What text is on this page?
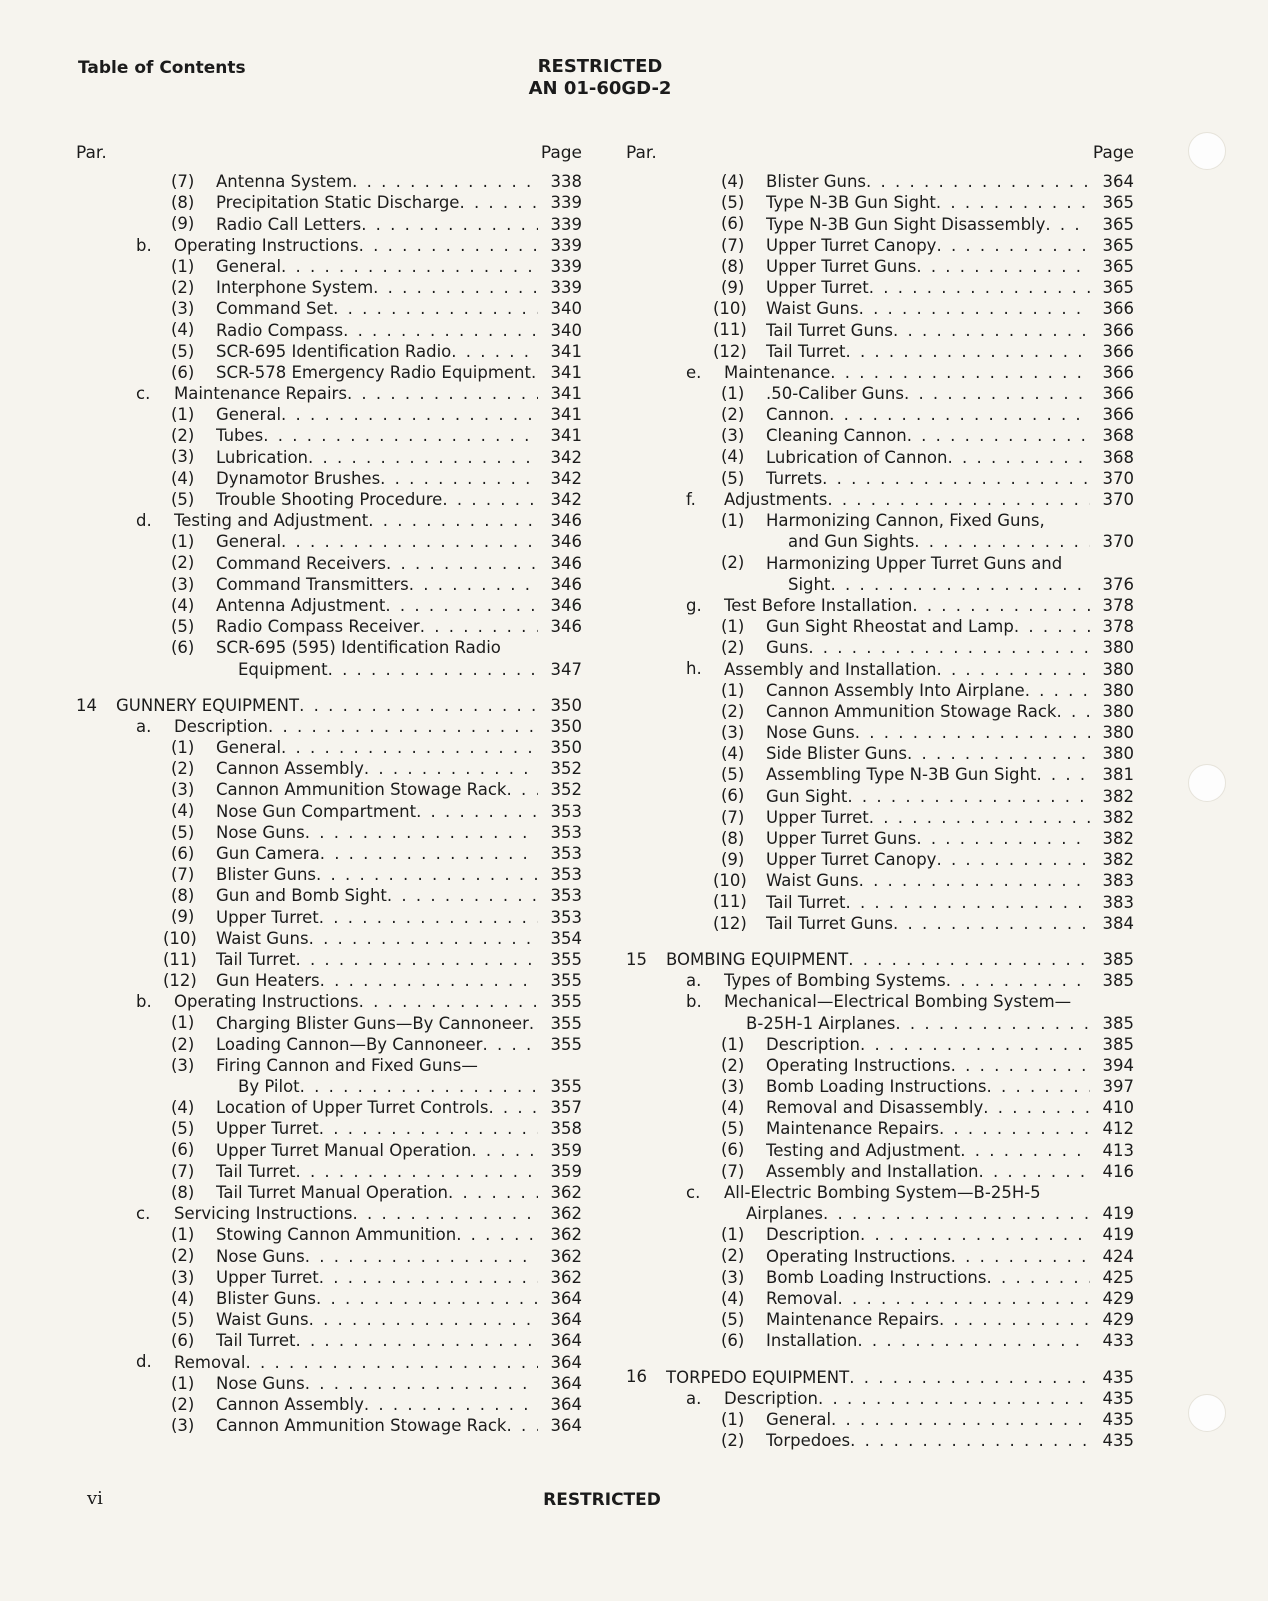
Table of Contents	RESTRICTED
AN 01-60GD-2
Par.	Page
(7) Antenna System . . .	338
(8) Precipitation Static Discharge . . .	339
(9) Radio Call Letters . . .	339
b. Operating Instructions . . .	339
(1) General . . .	339
(2) Interphone System . . .	339
(3) Command Set . . .	340
(4) Radio Compass . . .	340
(5) SCR-695 Identification Radio . . .	341
(6) SCR-578 Emergency Radio Equipment . . .	341
c. Maintenance Repairs . . .	341
(1) General . . .	341
(2) Tubes . . .	341
(3) Lubrication . . .	342
(4) Dynamotor Brushes . . .	342
(5) Trouble Shooting Procedure . . .	342
d. Testing and Adjustment . . .	346
(1) General . . .	346
(2) Command Receivers . . .	346
(3) Command Transmitters . . .	346
(4) Antenna Adjustment . . .	346
(5) Radio Compass Receiver . . .	346
(6) SCR-695 (595) Identification Radio
Equipment . . .	347
14 GUNNERY EQUIPMENT . . .	350
a. Description . . .	350
(1) General . . .	350
(2) Cannon Assembly . . .	352
(3) Cannon Ammunition Stowage Rack . . .	352
(4) Nose Gun Compartment . . .	353
(5) Nose Guns . . .	353
(6) Gun Camera . . .	353
(7) Blister Guns . . .	353
(8) Gun and Bomb Sight . . .	353
(9) Upper Turret . . .	353
(10) Waist Guns . . .	354
(11) Tail Turret . . .	355
(12) Gun Heaters . . .	355
b. Operating Instructions . . .	355
(1) Charging Blister Guns—By Cannoneer . . .	355
(2) Loading Cannon—By Cannoneer . . .	355
(3) Firing Cannon and Fixed Guns—
By Pilot . . .	355
(4) Location of Upper Turret Controls . . .	357
(5) Upper Turret . . .	358
(6) Upper Turret Manual Operation . . .	359
(7) Tail Turret . . .	359
(8) Tail Turret Manual Operation . . .	362
c. Servicing Instructions . . .	362
(1) Stowing Cannon Ammunition . . .	362
(2) Nose Guns . . .	362
(3) Upper Turret . . .	362
(4) Blister Guns . . .	364
(5) Waist Guns . . .	364
(6) Tail Turret . . .	364
d. Removal . . .	364
(1) Nose Guns . . .	364
(2) Cannon Assembly . . .	364
(3) Cannon Ammunition Stowage Rack . . .	364
Par.	Page
(4) Blister Guns . . .	364
(5) Type N-3B Gun Sight . . .	365
(6) Type N-3B Gun Sight Disassembly . . .	365
(7) Upper Turret Canopy . . .	365
(8) Upper Turret Guns . . .	365
(9) Upper Turret . . .	365
(10) Waist Guns . . .	366
(11) Tail Turret Guns . . .	366
(12) Tail Turret . . .	366
e. Maintenance . . .	366
(1) .50-Caliber Guns . . .	366
(2) Cannon . . .	366
(3) Cleaning Cannon . . .	368
(4) Lubrication of Cannon . . .	368
(5) Turrets . . .	370
f. Adjustments . . .	370
(1) Harmonizing Cannon, Fixed Guns,
and Gun Sights . . .	370
(2) Harmonizing Upper Turret Guns and
Sight . . .	376
g. Test Before Installation . . .	378
(1) Gun Sight Rheostat and Lamp . . .	378
(2) Guns . . .	380
h. Assembly and Installation . . .	380
(1) Cannon Assembly Into Airplane . . .	380
(2) Cannon Ammunition Stowage Rack . . .	380
(3) Nose Guns . . .	380
(4) Side Blister Guns . . .	380
(5) Assembling Type N-3B Gun Sight . . .	381
(6) Gun Sight . . .	382
(7) Upper Turret . . .	382
(8) Upper Turret Guns . . .	382
(9) Upper Turret Canopy . . .	382
(10) Waist Guns . . .	383
(11) Tail Turret . . .	383
(12) Tail Turret Guns . . .	384
15 BOMBING EQUIPMENT . . .	385
a. Types of Bombing Systems . . .	385
b. Mechanical—Electrical Bombing System—
B-25H-1 Airplanes . . .	385
(1) Description . . .	385
(2) Operating Instructions . . .	394
(3) Bomb Loading Instructions . . .	397
(4) Removal and Disassembly . . .	410
(5) Maintenance Repairs . . .	412
(6) Testing and Adjustment . . .	413
(7) Assembly and Installation . . .	416
c. All-Electric Bombing System—B-25H-5
Airplanes . . .	419
(1) Description . . .	419
(2) Operating Instructions . . .	424
(3) Bomb Loading Instructions . . .	425
(4) Removal . . .	429
(5) Maintenance Repairs . . .	429
(6) Installation . . .	433
16 TORPEDO EQUIPMENT . . .	435
a. Description . . .	435
(1) General . . .	435
(2) Torpedoes . . .	435
vi	RESTRICTED
